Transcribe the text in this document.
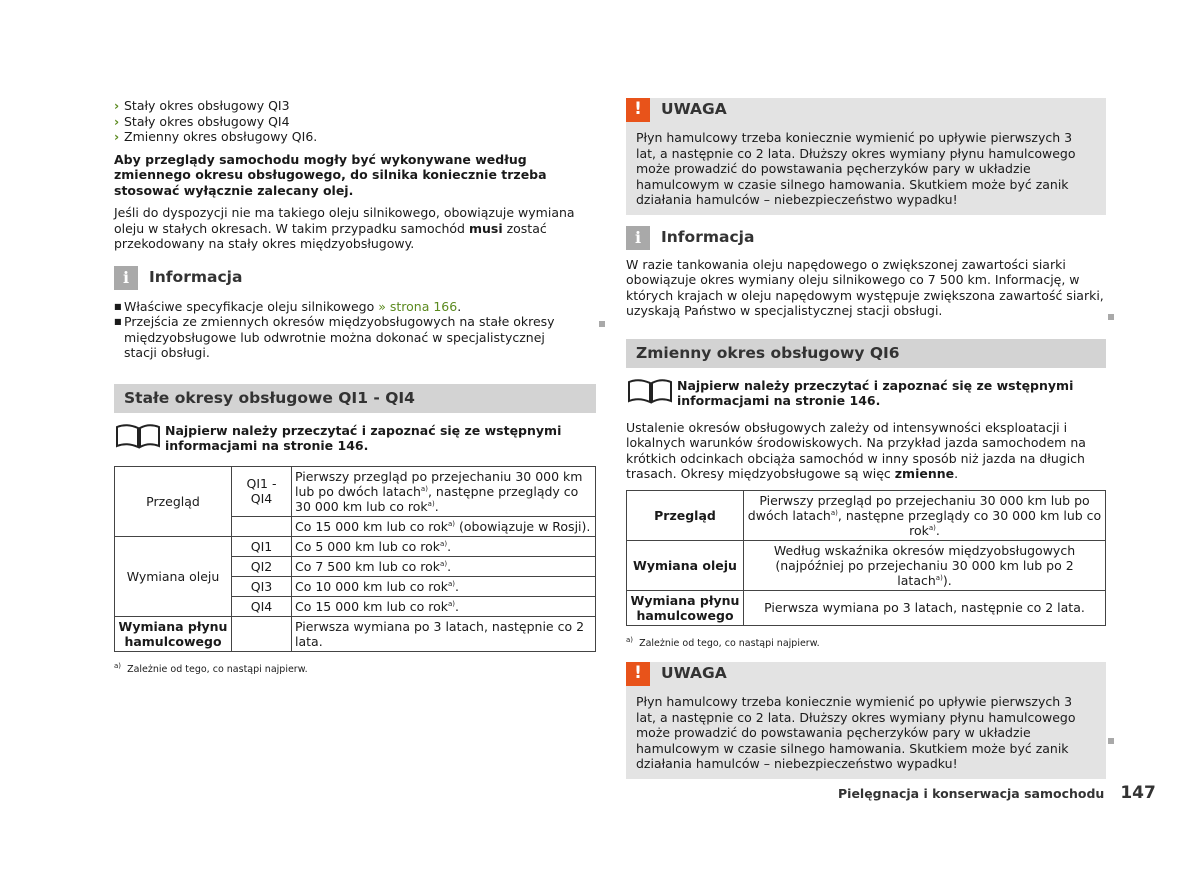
› Stały okres obsługowy QI3
› Stały okres obsługowy QI4
› Zmienny okres obsługowy QI6.

Aby przeglądy samochodu mogły być wykonywane według zmiennego okresu obsługowego, do silnika koniecznie trzeba stosować wyłącznie zalecany olej.

Jeśli do dyspozycji nie ma takiego oleju silnikowego, obowiązuje wymiana oleju w stałych okresach. W takim przypadku samochód musi zostać przekodowany na stały okres międzyobsługowy.

i	Informacja
■ Właściwe specyfikacje oleju silnikowego » strona 166.
■ Przejścia ze zmiennych okresów międzyobsługowych na stałe okresy międzyobsługowe lub odwrotnie można dokonać w specjalistycznej stacji obsługi.
Stałe okresy obsługowe QI1 - QI4
Najpierw należy przeczytać i zapoznać się ze wstępnymi informacjami na stronie 146.
Przegląd	QI1 - QI4	Pierwszy przegląd po przejechaniu 30 000 km lub po dwóch latach$^{a)}$, następne przeglądy co 30 000 km lub co rok$^{a)}$.
		Co 15 000 km lub co rok$^{a)}$ (obowiązuje w Rosji).
Wymiana oleju	QI1	Co 5 000 km lub co rok$^{a)}$.
	QI2	Co 7 500 km lub co rok$^{a)}$.
	QI3	Co 10 000 km lub co rok$^{a)}$.
	QI4	Co 15 000 km lub co rok$^{a)}$.
Wymiana płynu hamulcowego		Pierwsza wymiana po 3 latach, następnie co 2 lata.
$^{a)}$ Zależnie od tego, co nastąpi najpierw.
!	UWAGA
Płyn hamulcowy trzeba koniecznie wymienić po upływie pierwszych 3 lat, a następnie co 2 lata. Dłuższy okres wymiany płynu hamulcowego może prowadzić do powstawania pęcherzyków pary w układzie hamulcowym w czasie silnego hamowania. Skutkiem może być zanik działania hamulców – niebezpieczeństwo wypadku!
i	Informacja

W razie tankowania oleju napędowego o zwiększonej zawartości siarki obowiązuje okres wymiany oleju silnikowego co 7 500 km. Informację, w których krajach w oleju napędowym występuje zwiększona zawartość siarki, uzyskają Państwo w specjalistycznej stacji obsługi.

Zmienny okres obsługowy QI6
Najpierw należy przeczytać i zapoznać się ze wstępnymi informacjami na stronie 146.

Ustalenie okresów obsługowych zależy od intensywności eksploatacji i lokalnych warunków środowiskowych. Na przykład jazda samochodem na krótkich odcinkach obciąża samochód w inny sposób niż jazda na długich trasach. Okresy międzyobsługowe są więc zmienne.

Przegląd	Pierwszy przegląd po przejechaniu 30 000 km lub po dwóch latach$^{a)}$, następne przeglądy co 30 000 km lub co rok$^{a)}$.
Wymiana oleju	Według wskaźnika okresów międzyobsługowych (najpóźniej po przejechaniu 30 000 km lub po 2 latach$^{a)}$).
Wymiana płynu hamulcowego	Pierwsza wymiana po 3 latach, następnie co 2 lata.
$^{a)}$ Zależnie od tego, co nastąpi najpierw.
!	UWAGA
Płyn hamulcowy trzeba koniecznie wymienić po upływie pierwszych 3 lat, a następnie co 2 lata. Dłuższy okres wymiany płynu hamulcowego może prowadzić do powstawania pęcherzyków pary w układzie hamulcowym w czasie silnego hamowania. Skutkiem może być zanik działania hamulców – niebezpieczeństwo wypadku!
Pielęgnacja i konserwacja samochodu 147
